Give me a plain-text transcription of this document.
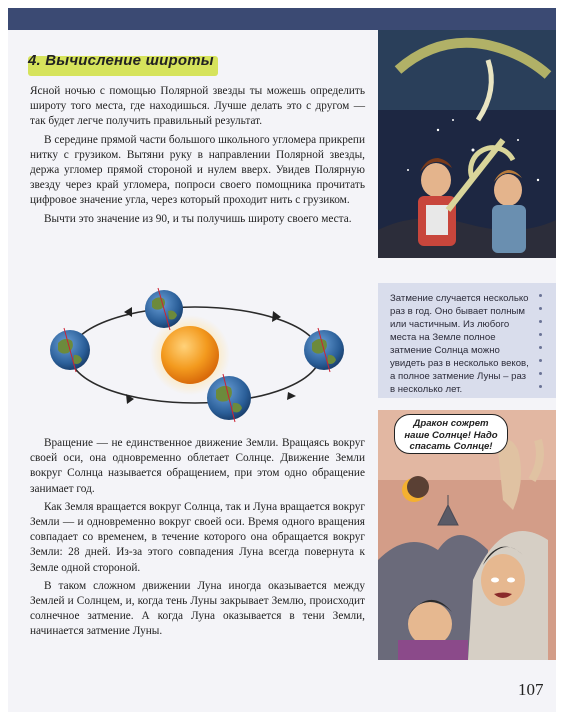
4. Вычисление широты

Ясной ночью с помощью Полярной звезды ты можешь определить широту того места, где находишься. Лучше делать это с другом — так будет легче получить правильный результат.

В середине прямой части большого школьного угломера прикрепи нитку с грузиком. Вытяни руку в направлении Полярной звезды, держа угломер прямой стороной и нулем вверх. Увидев Полярную звезду через край угломера, попроси своего помощника прочитать цифровое значение угла, через который проходит нить с грузиком.

Вычти это значение из 90, и ты получишь широту своего места.

Вращение — не единственное движение Земли. Вращаясь вокруг своей оси, она одновременно облетает Солнце. Движение Земли вокруг Солнца называется обращением, при этом одно обращение занимает год.

Как Земля вращается вокруг Солнца, так и Луна вращается вокруг Земли — и одновременно вокруг своей оси. Время одного вращения совпадает со временем, в течение которого она обращается вокруг Земли: 28 дней. Из-за этого совпадения Луна всегда повернута к Земле одной стороной.

В таком сложном движении Луна иногда оказывается между Землей и Солнцем, и, когда тень Луны закрывает Землю, происходит солнечное затмение. А когда Луна оказывается в тени Земли, начинается затмение Луны.

Затмение случается несколько раз в год. Оно бывает полным или частичным. Из любого места на Земле полное затмение Солнца можно увидеть раз в несколько веков, а полное затмение Луны – раз в несколько лет.
Дракон сожрет
наше Солнце! Надо
спасать Солнце!
107
